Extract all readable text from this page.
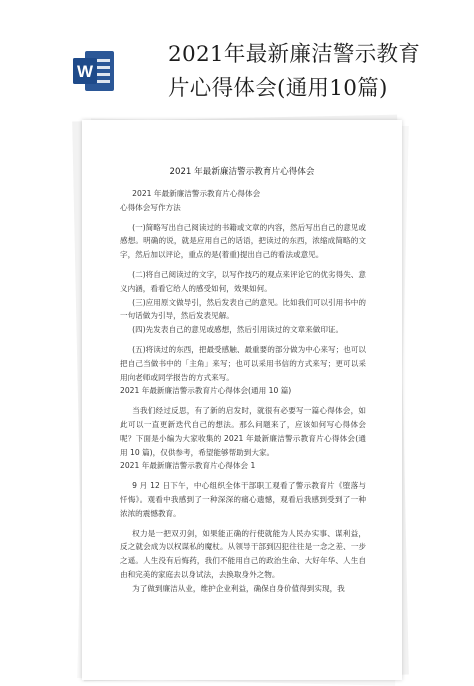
W
2021年最新廉洁警示教育
片心得体会(通用10篇)
2021 年最新廉洁警示教育片心得体会

2021 年最新廉洁警示教育片心得体会

心得体会写作方法

(一)简略写出自己阅读过的书籍或文章的内容，然后写出自己的意见或感想。明确的说，就是应用自己的话语，把读过的东西，浓缩成简略的文字，然后加以评论，重点的是(着重)提出自己的看法或意见。

(二)将自己阅读过的文字，以写作技巧的观点来评论它的优劣得失、意义内涵，看看它给人的感受如何，效果如何。

(三)应用原文做导引，然后发表自己的意见。比如我们可以引用书中的一句话做为引导，然后发表见解。

(四)先发表自己的意见或感想，然后引用读过的文章来做印证。

(五)将读过的东西，把最受感触、最重要的部分做为中心来写；也可以把自己当做书中的「主角」来写；也可以采用书信的方式来写；更可以采用向老师或同学报告的方式来写。

2021 年最新廉洁警示教育片心得体会(通用 10 篇)

当我们经过反思，有了新的启发时，就很有必要写一篇心得体会，如此可以一直更新迭代自己的想法。那么问题来了，应该如何写心得体会呢？下面是小编为大家收集的 2021 年最新廉洁警示教育片心得体会(通用 10 篇)，仅供参考，希望能够帮助到大家。

2021 年最新廉洁警示教育片心得体会 1

9 月 12 日下午，中心组织全体干部职工观看了警示教育片《堕落与忏悔》。观看中我感到了一种深深的痛心遗憾，观看后我感到受到了一种浓浓的震憾教育。

权力是一把双刃剑，如果能正确的行使就能为人民办实事、谋利益，反之就会成为以权谋私的魔杖。从领导干部到囚犯往往是一念之差、一步之遥。人生没有后悔药，我们不能用自己的政治生命、大好年华、人生自由和完美的家庭去以身试法，去换取身外之物。

为了做到廉洁从业，维护企业利益，确保自身价值得到实现，我
